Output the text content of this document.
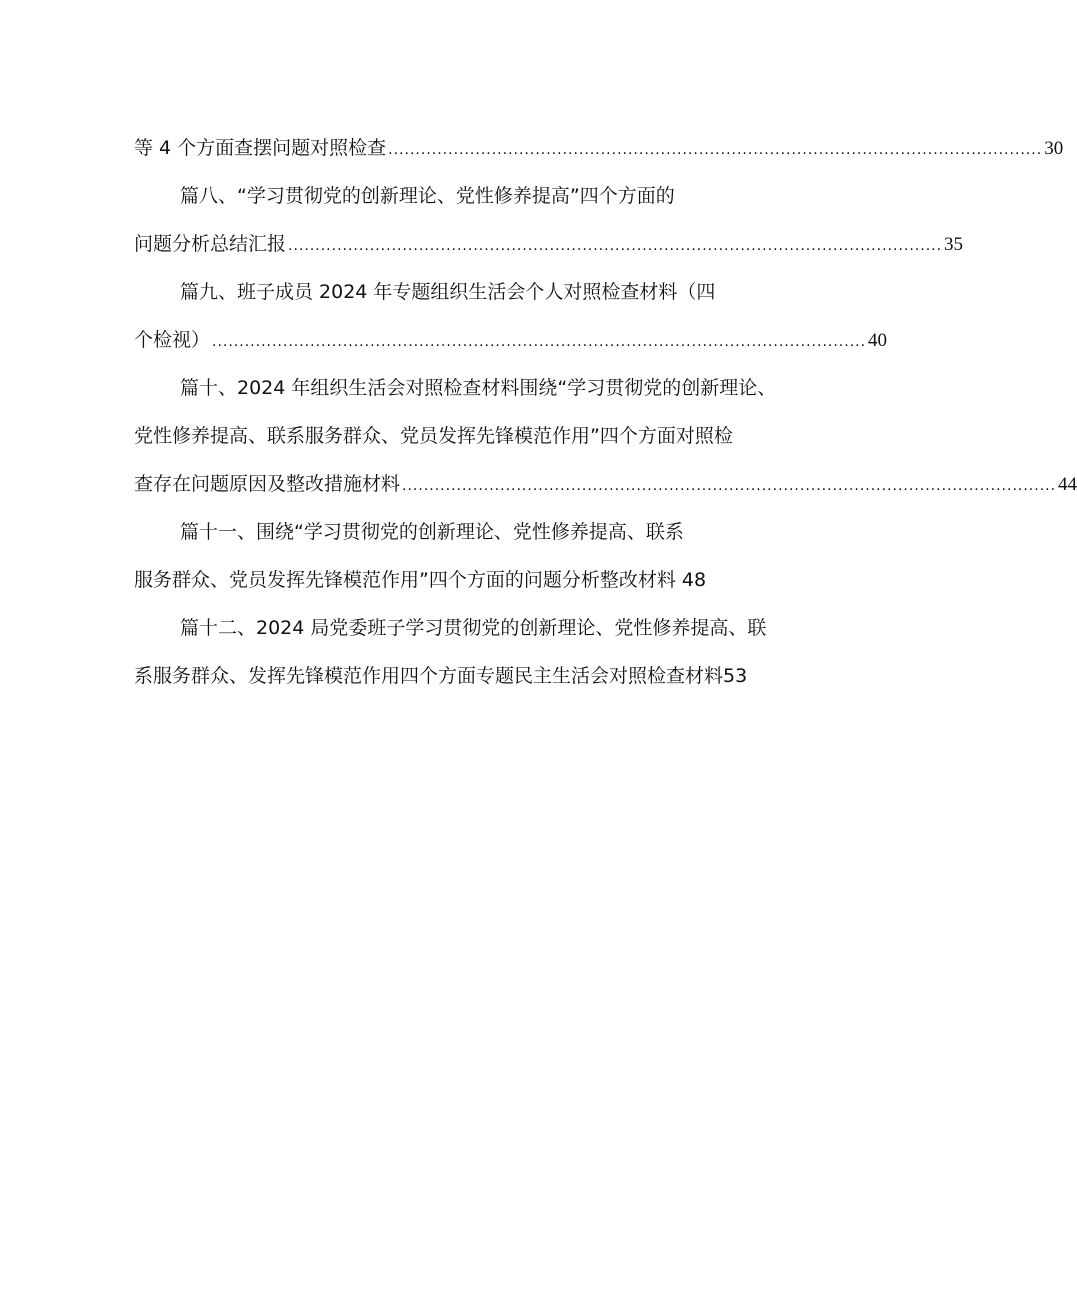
等 4 个方面查摆问题对照检查 ........................................................................................................................ 30
篇八、“学习贯彻党的创新理论、党性修养提高”四个方面的
问题分析总结汇报 ........................................................................................................................ 35
篇九、班子成员 2024 年专题组织生活会个人对照检查材料（四
个检视） ........................................................................................................................ 40
篇十、2024 年组织生活会对照检查材料围绕“学习贯彻党的创新理论、
党性修养提高、联系服务群众、党员发挥先锋模范作用”四个方面对照检
查存在问题原因及整改措施材料 ........................................................................................................................ 44
篇十一、围绕“学习贯彻党的创新理论、党性修养提高、联系
服务群众、党员发挥先锋模范作用”四个方面的问题分析整改材料 48
篇十二、2024 局党委班子学习贯彻党的创新理论、党性修养提高、联
系服务群众、发挥先锋模范作用四个方面专题民主生活会对照检查材料53
